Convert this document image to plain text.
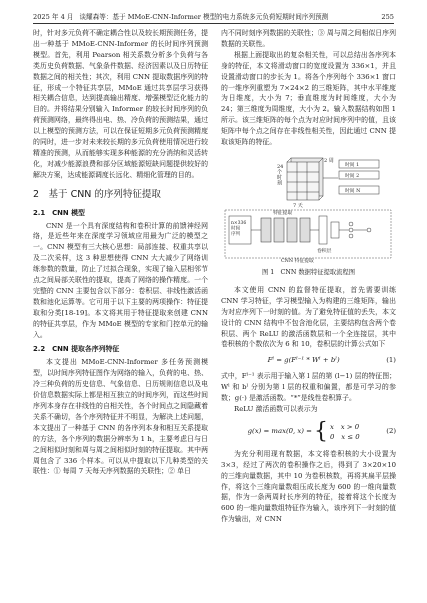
2025 年 4 月 谈耀森等：基于 MMoE-CNN-Informer 模型的电力系统多元负荷短期时间序列预测	255

时，针对多元负荷不确定耦合性以及较长期预测任务，提出一种基于 MMoE-CNN-Informer 的长时间序列预测模型。首先，利用 Pearson 相关系数分析多个负荷与各类历史负荷数据、气象条件数据、经济因素以及日历特征数据之间的相关性；其次，利用 CNN 提取数据序列的特征，形成一个特征共享层，MMoE 通过共享层学习获得相关耦合信息，达到提高输出精度、增强模型泛化能力的目的。并将结果分别输入 Informer 的较长时间序列的负荷预测网络，最终得出电、热、冷负荷的预测结果，通过以上模型的预测方法，可以在保证短期多元负荷预测精度的同时，进一步对未来较长期的多元负荷使用情况进行较精准的预测，从而能够实现多种能源的充分消纳和灵活转化，对减少能源浪费和部分区域能源短缺问题提供较好的解决方案，达成能源调度长远化、精细化管理的目的。

2　基于 CNN 的序列特征提取
2.1　CNN 模型

CNN 是一个具有深度结构和卷积计算的前馈神经网络，是近些年来在深度学习领域应用最为广泛的模型之一。CNN 模型有三大核心思想：局部连接、权重共享以及二次采样，这 3 种思想使得 CNN 大大减少了网络训练参数的数量，防止了过拟合现象，实现了输入层相邻节点之间局部关联性的提取，提高了网络的操作精度。一个完整的 CNN 主要包含以下部分：卷积层、非线性激活函数和池化运算等。它可用于以下主要的两项操作：特征提取和分类[18-19]。本文将其用于特征提取来创建 CNN 的特征共享层，作为 MMoE 模型的专家和门控单元的输入。

2.2　CNN 提取各序列特征

本文提出 MMoE-CNN-Informer 多任务预测模型，以时间序列特征图作为网络的输入，负荷的电、热、冷三种负荷的历史信息、气象信息、日历规则信息以及电价信息数据实际上都是相互独立的时间序列，而这些时间序列本身存在非线性的自相关性，各个时间点之间隐藏着关系不确切，各个序列特征并不明显，为解决上述问题，本文提出了一种基于 CNN 的各序列本身和相互关系提取的方法，各个序列的数据分辨率为 1 h，主要考虑日与日之间相似时刻和周与周之间相似时刻的特征提取。其中两周包含了 336 个样本。可以从中提取以下几种类型的关联性：① 每周 7 天每天序列数据的关联性；② 单日

内不同时刻序列数据的关联性；③ 周与周之间相似日序列数据的关联性。

根据上面提取出的复杂相关性，可以总结出各序列本身的特征，本文将滑动窗口的宽度设置为 336×1，并且设置滑动窗口的步长为 1。将各个序列每个 336×1 窗口的一维序列重塑为 7×24×2 的三维矩阵，其中水平维度为日维度，大小为 7；垂直维度为时间维度，大小为 24；第三维度为周维度，大小为 2。输入数据结构如图 1 所示。该三维矩阵的每个点为对应时间序列中的值，且该矩阵中每个点之间存在非线性相关性，因此通过 CNN 提取该矩阵的特征。

24 个时刻
7 天
2 周
时间 1
时间 2
时间 N
n×336 时间序列
特征提取
卷积层
CNN 特征提取
图 1　CNN 数据特征提取流程图

本文使用 CNN 的监督特征提取，首先需要训练 CNN 学习特征，学习模型输入为构建的三维矩阵，输出为对应序列下一时刻的值。为了避免特征值的丢失，本文设计的 CNN 结构中不包含池化层，主要结构包含两个卷积层、两个 ReLU 的激活函数层和一个全连接层，其中卷积核的个数依次为 6 和 10，卷积层的计算公式如下

Fˡ = g(Fˡ⁻¹ * Wˡ + bˡ)	(1)

式中，Fˡ⁻¹ 表示用于输入第 l 层的第 (l−1) 层的特征图；Wˡ 和 bˡ 分别为第 l 层的权重和偏置，都是可学习的参数；g(·) 是激活函数。“*”是线性卷积算子。

ReLU 激活函数可以表示为

g(x) = max(0, x) = { x　x > 0
0　x ≤ 0
(2)

为充分利用现有数据，本文将卷积核的大小设置为 3×3，经过了两次的卷积操作之后，得到了 3×20×10 的三维向量数据，其中 10 为卷积核数，再将其扁平层操作，将这个三维向量数组压成长度为 600 的一维向量数据，作为一条两周时长序列的特征，接着将这个长度为 600 的一维向量数组特征作为输入，该序列下一时刻的值作为输出，对 CNN
